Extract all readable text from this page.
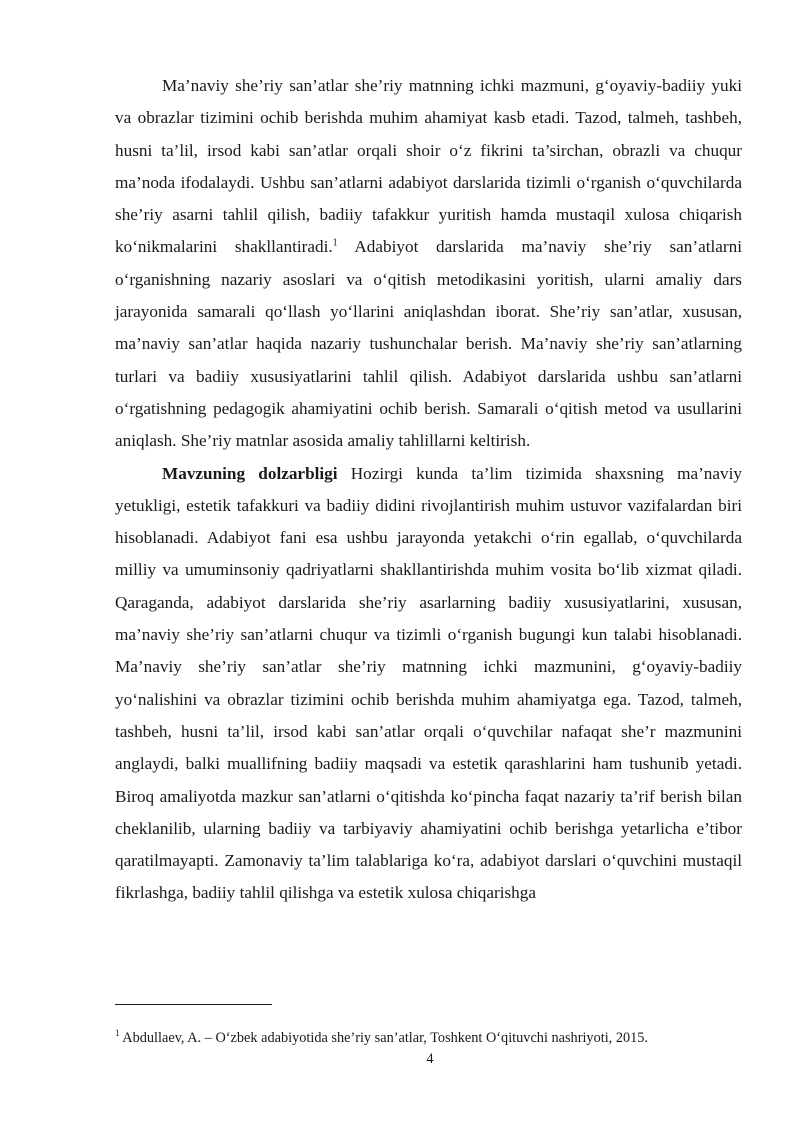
Ma’naviy she’riy san’atlar she’riy matnning ichki mazmuni, g‘oyaviy-badiiy yuki va obrazlar tizimini ochib berishda muhim ahamiyat kasb etadi. Tazod, talmeh, tashbeh, husni ta’lil, irsod kabi san’atlar orqali shoir o‘z fikrini ta’sirchan, obrazli va chuqur ma’noda ifodalaydi. Ushbu san’atlarni adabiyot darslarida tizimli o‘rganish o‘quvchilarda she’riy asarni tahlil qilish, badiiy tafakkur yuritish hamda mustaqil xulosa chiqarish ko‘nikmalarini shakllantiradi.$^1$ Adabiyot darslarida ma’naviy she’riy san’atlarni o‘rganishning nazariy asoslari va o‘qitish metodikasini yoritish, ularni amaliy dars jarayonida samarali qo‘llash yo‘llarini aniqlashdan iborat. She’riy san’atlar, xususan, ma’naviy san’atlar haqida nazariy tushunchalar berish. Ma’naviy she’riy san’atlarning turlari va badiiy xususiyatlarini tahlil qilish. Adabiyot darslarida ushbu san’atlarni o‘rgatishning pedagogik ahamiyatini ochib berish. Samarali o‘qitish metod va usullarini aniqlash. She’riy matnlar asosida amaliy tahlillarni keltirish.

Mavzuning dolzarbligi Hozirgi kunda ta’lim tizimida shaxsning ma’naviy yetukligi, estetik tafakkuri va badiiy didini rivojlantirish muhim ustuvor vazifalardan biri hisoblanadi. Adabiyot fani esa ushbu jarayonda yetakchi o‘rin egallab, o‘quvchilarda milliy va umuminsoniy qadriyatlarni shakllantirishda muhim vosita bo‘lib xizmat qiladi. Qaraganda, adabiyot darslarida she’riy asarlarning badiiy xususiyatlarini, xususan, ma’naviy she’riy san’atlarni chuqur va tizimli o‘rganish bugungi kun talabi hisoblanadi. Ma’naviy she’riy san’atlar she’riy matnning ichki mazmunini, g‘oyaviy-badiiy yo‘nalishini va obrazlar tizimini ochib berishda muhim ahamiyatga ega. Tazod, talmeh, tashbeh, husni ta’lil, irsod kabi san’atlar orqali o‘quvchilar nafaqat she’r mazmunini anglaydi, balki muallifning badiiy maqsadi va estetik qarashlarini ham tushunib yetadi. Biroq amaliyotda mazkur san’atlarni o‘qitishda ko‘pincha faqat nazariy ta’rif berish bilan cheklanilib, ularning badiiy va tarbiyaviy ahamiyatini ochib berishga yetarlicha e’tibor qaratilmayapti. Zamonaviy ta’lim talablariga ko‘ra, adabiyot darslari o‘quvchini mustaqil fikrlashga, badiiy tahlil qilishga va estetik xulosa chiqarishga

$^1$ Abdullaev, A. – O‘zbek adabiyotida she’riy san’atlar, Toshkent O‘qituvchi nashriyoti, 2015.
4
